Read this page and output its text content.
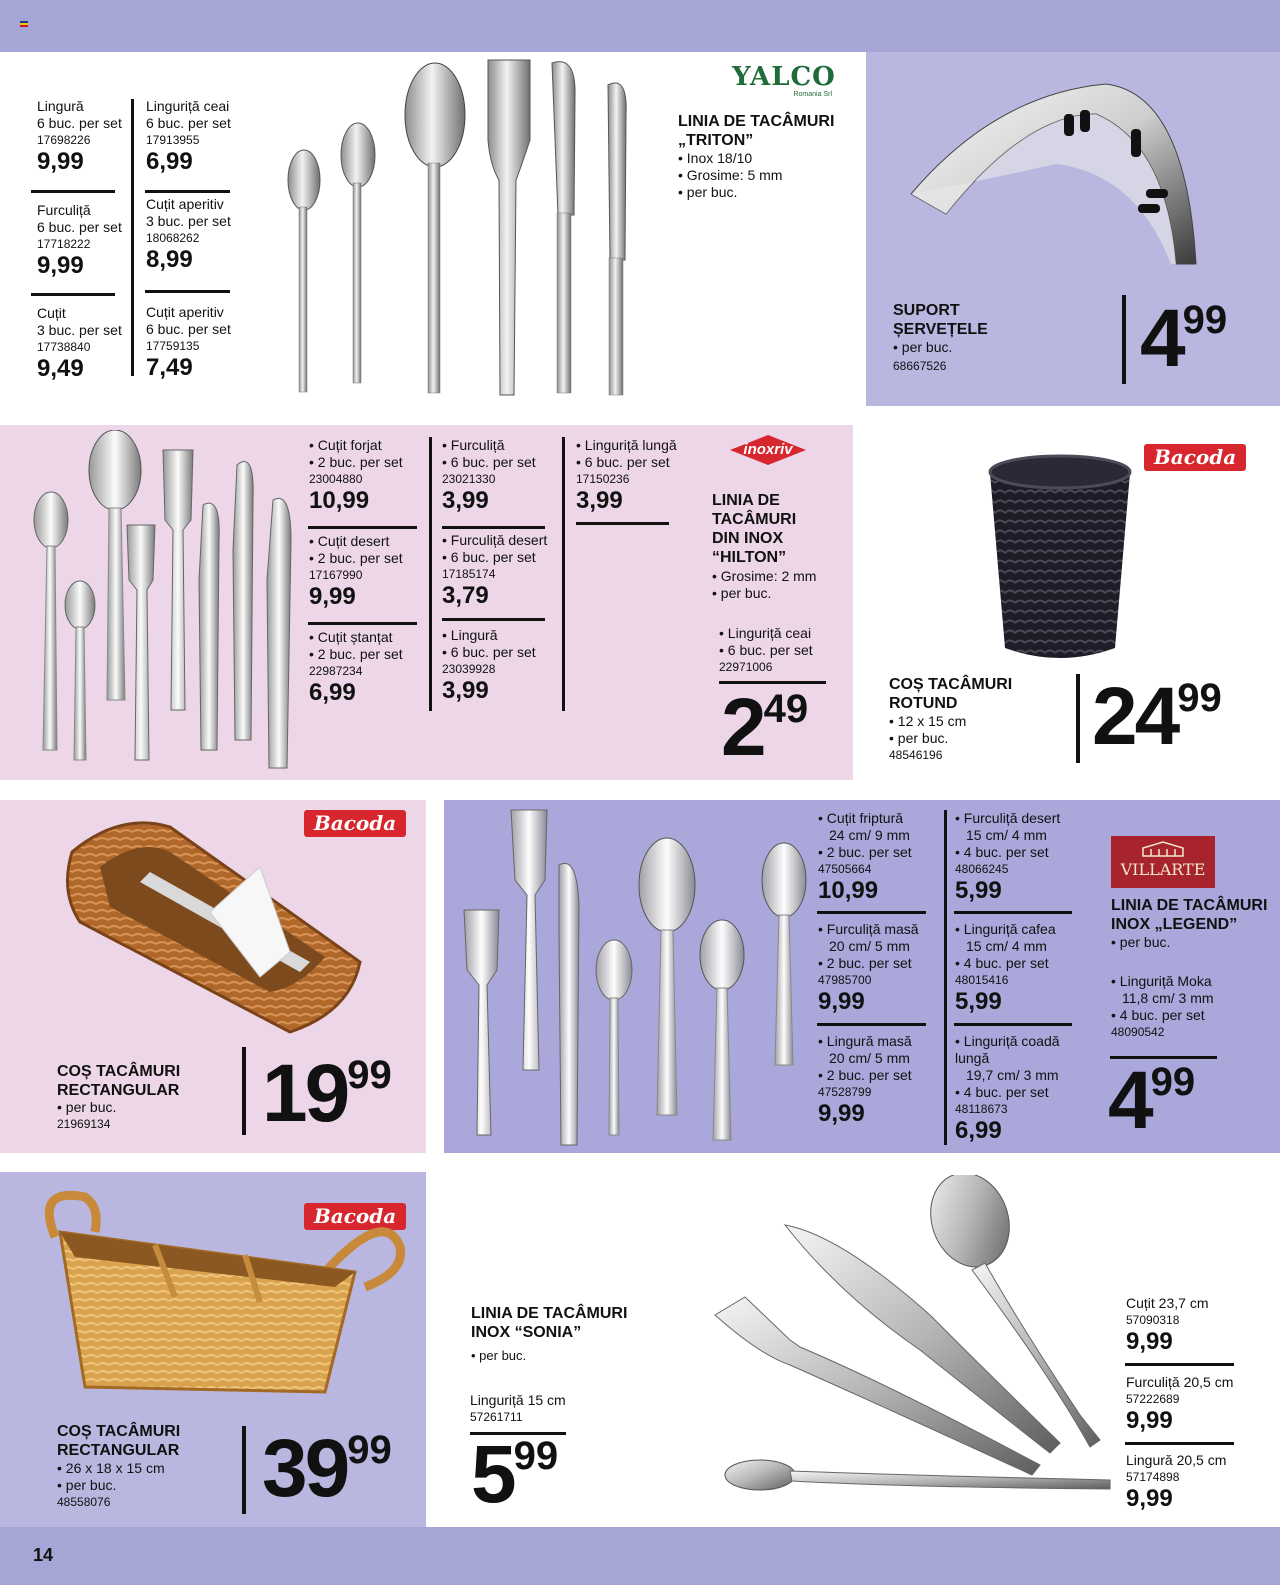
14
Lingură
6 buc. per set
17698226
9,99
Furculiță
6 buc. per set
17718222
9,99
Cuțit
3 buc. per set
17738840
9,49
Linguriță ceai
6 buc. per set
17913955
6,99
Cuțit aperitiv
3 buc. per set
18068262
8,99
Cuțit aperitiv
6 buc. per set
17759135
7,49
YALCO
Romania Srl
LINIA DE TACÂMURI
„TRITON”
• Inox 18/10
• Grosime: 5 mm
• per buc.
SUPORT
ȘERVEȚELE
• per buc.
68667526 499
• Cuțit forjat
• 2 buc. per set
23004880
10,99
• Cuțit desert
• 2 buc. per set
17167990
9,99
• Cuțit ștanțat
• 2 buc. per set
22987234
6,99
• Furculiță
• 6 buc. per set
23021330
3,99
• Furculiță desert
• 6 buc. per set
17185174
3,79
• Lingură
• 6 buc. per set
23039928
3,99
• Linguriță lungă
• 6 buc. per set
17150236
3,99
inoxriv
LINIA DE
TACÂMURI
DIN INOX
“HILTON”
• Grosime: 2 mm
• per buc.
• Linguriță ceai
• 6 buc. per set
22971006
249
Bacoda
COȘ TACÂMURI
ROTUND
• 12 x 15 cm
• per buc.
48546196 2499
Bacoda
COȘ TACÂMURI
RECTANGULAR
• per buc.
21969134 1999
• Cuțit friptură
24 cm/ 9 mm
• 2 buc. per set
47505664
10,99
• Furculiță masă
20 cm/ 5 mm
• 2 buc. per set
47985700
9,99
• Lingură masă
20 cm/ 5 mm
• 2 buc. per set
47528799
9,99
• Furculiță desert
15 cm/ 4 mm
• 4 buc. per set
48066245
5,99
• Linguriță cafea
15 cm/ 4 mm
• 4 buc. per set
48015416
5,99
• Linguriță coadă lungă
19,7 cm/ 3 mm
• 4 buc. per set
48118673
6,99
VILLARTE
LINIA DE TACÂMURI
INOX „LEGEND”
• per buc.
• Linguriță Moka
11,8 cm/ 3 mm
• 4 buc. per set
48090542
499
Bacoda
COȘ TACÂMURI
RECTANGULAR
• 26 x 18 x 15 cm
• per buc.
48558076	3999
LINIA DE TACÂMURI
INOX “SONIA”
• per buc.
Linguriță 15 cm
57261711
599
Cuțit 23,7 cm
57090318
9,99
Furculiță 20,5 cm
57222689
9,99
Lingură 20,5 cm
57174898
9,99
